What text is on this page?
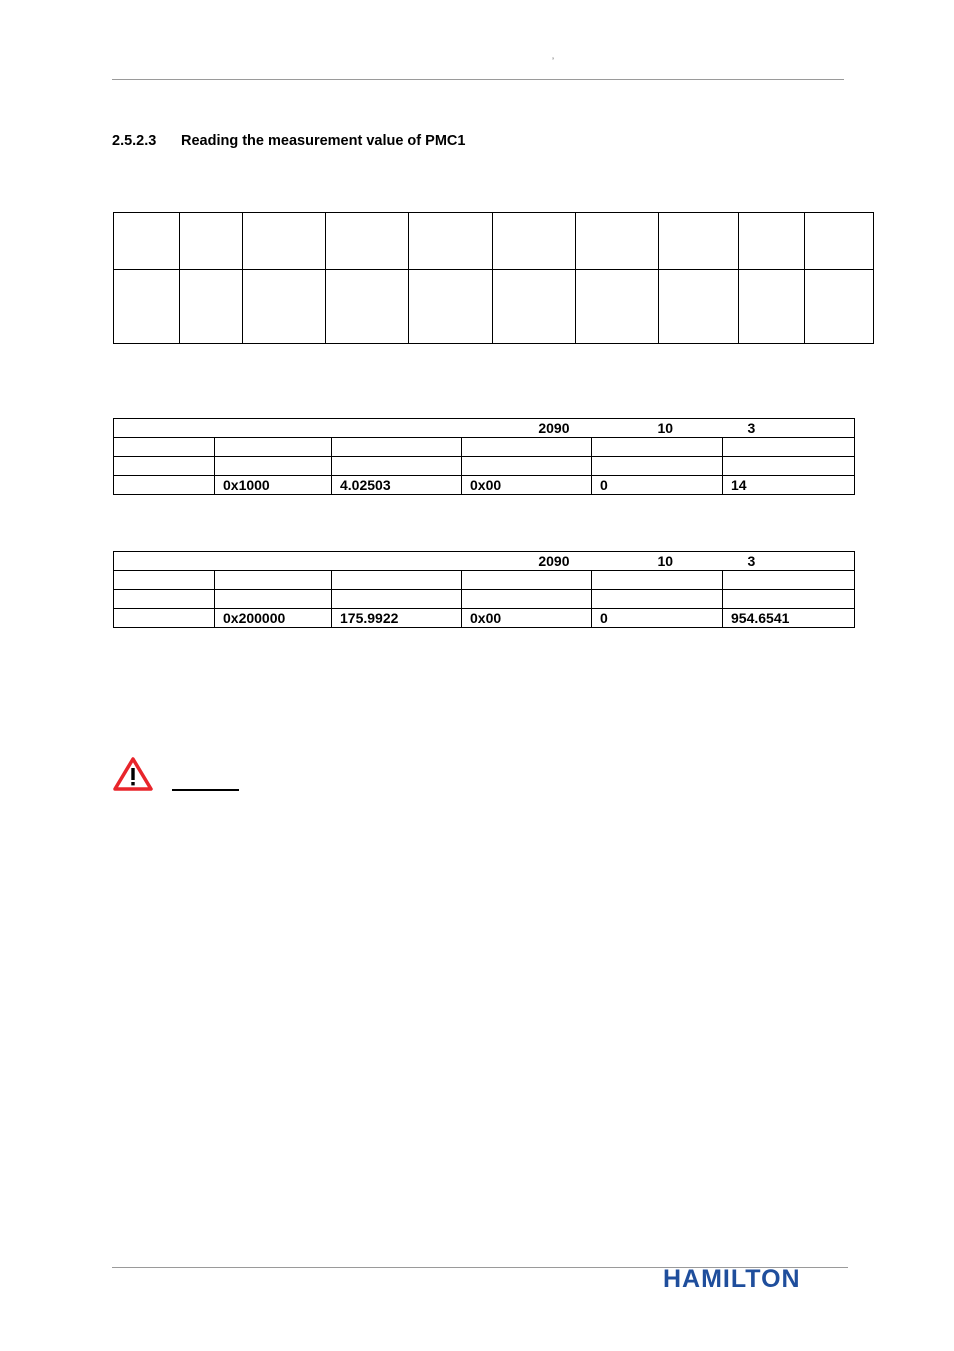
’
2.5.2.3 Reading the measurement value of PMC1

			2090	10	3

	0x1000	4.02503	0x00	0	14
			2090	10	3

	0x200000	175.9922	0x00	0	954.6541
HAMILTON
